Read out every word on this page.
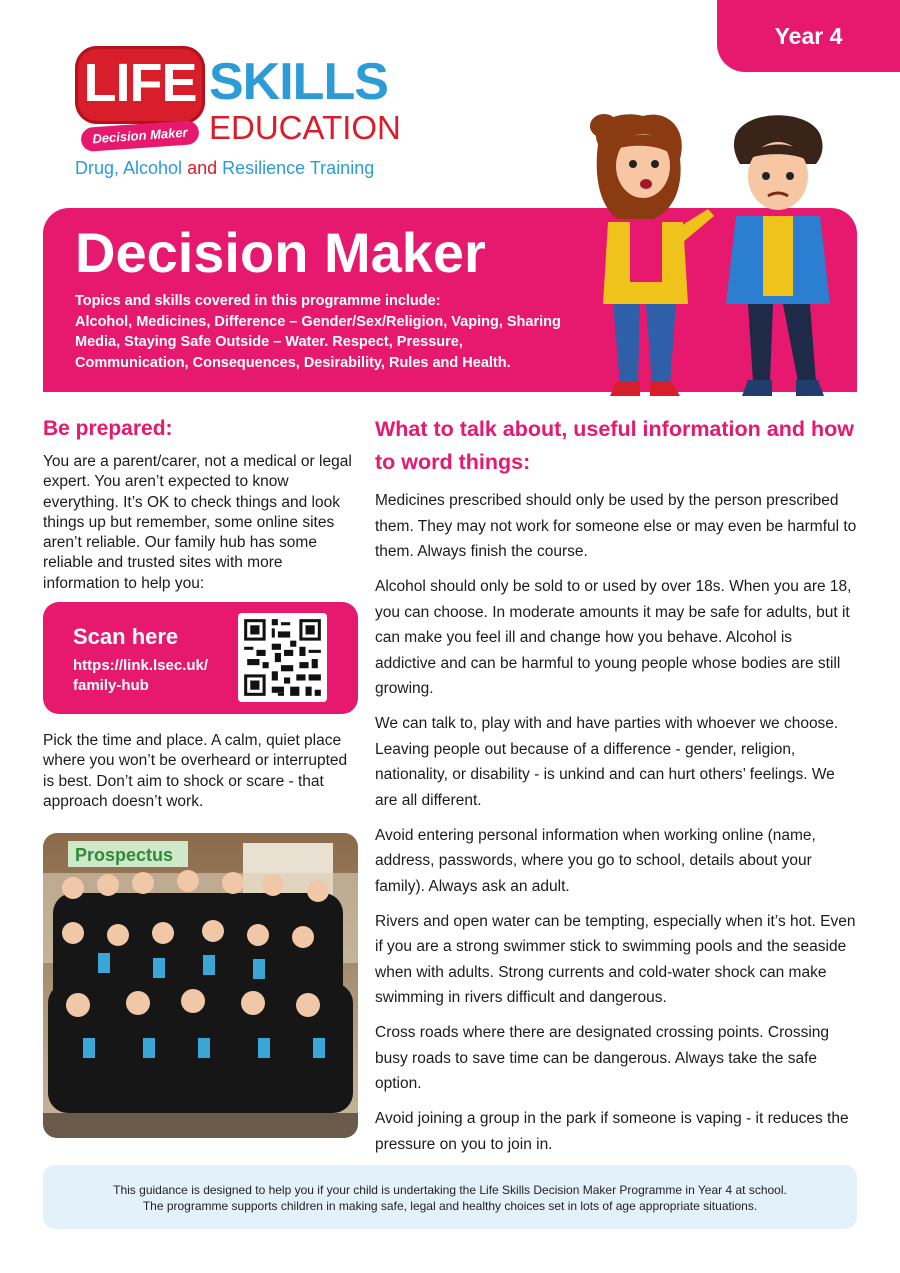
Year 4
LIFE
Decision Maker
SKILLS
EDUCATION
Drug, Alcohol and Resilience Training
Decision Maker
Topics and skills covered in this programme include:
Alcohol, Medicines, Difference – Gender/Sex/Religion, Vaping, Sharing Media, Staying Safe Outside – Water. Respect, Pressure, Communication, Consequences, Desirability, Rules and Health.
Be prepared:
You are a parent/carer, not a medical or legal expert. You aren’t expected to know everything. It’s OK to check things and look things up but remember, some online sites aren’t reliable. Our family hub has some reliable and trusted sites with more information to help you:
Scan here
https://link.lsec.uk/ family-hub
Pick the time and place. A calm, quiet place where you won’t be overheard or interrupted is best. Don’t aim to shock or scare - that approach doesn’t work.
Prospectus
What to talk about, useful information and how to word things:

Medicines prescribed should only be used by the person prescribed them. They may not work for someone else or may even be harmful to them. Always finish the course.

Alcohol should only be sold to or used by over 18s. When you are 18, you can choose. In moderate amounts it may be safe for adults, but it can make you feel ill and change how you behave. Alcohol is addictive and can be harmful to young people whose bodies are still growing.

We can talk to, play with and have parties with whoever we choose. Leaving people out because of a difference - gender, religion, nationality, or disability - is unkind and can hurt others’ feelings. We are all different.

Avoid entering personal information when working online (name, address, passwords, where you go to school, details about your family). Always ask an adult.

Rivers and open water can be tempting, especially when it’s hot. Even if you are a strong swimmer stick to swimming pools and the seaside when with adults. Strong currents and cold-water shock can make swimming in rivers difficult and dangerous.

Cross roads where there are designated crossing points. Crossing busy roads to save time can be dangerous. Always take the safe option.

Avoid joining a group in the park if someone is vaping - it reduces the pressure on you to join in.

This guidance is designed to help you if your child is undertaking the Life Skills Decision Maker Programme in Year 4 at school.

The programme supports children in making safe, legal and healthy choices set in lots of age appropriate situations.
